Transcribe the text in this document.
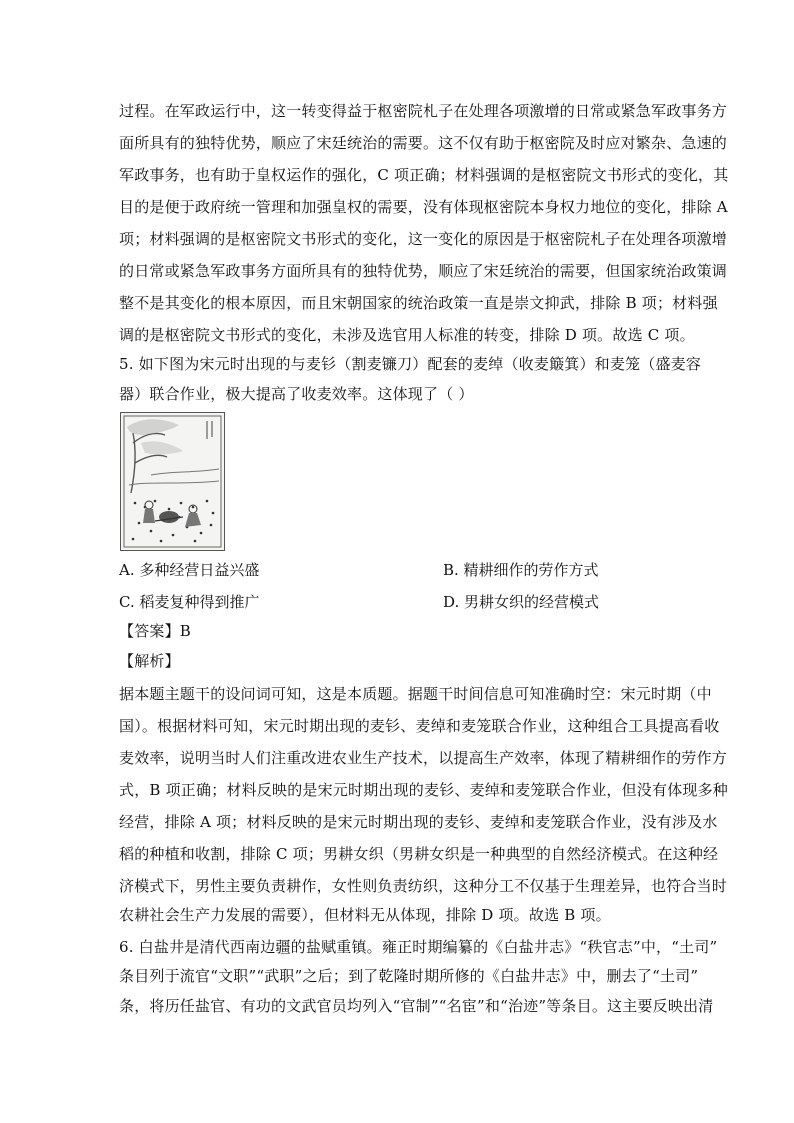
过程。在军政运行中，这一转变得益于枢密院札子在处理各项激增的日常或紧急军政事务方
面所具有的独特优势，顺应了宋廷统治的需要。这不仅有助于枢密院及时应对繁杂、急速的
军政事务，也有助于皇权运作的强化，C 项正确；材料强调的是枢密院文书形式的变化，其
目的是便于政府统一管理和加强皇权的需要，没有体现枢密院本身权力地位的变化，排除 A
项；材料强调的是枢密院文书形式的变化，这一变化的原因是于枢密院札子在处理各项激增
的日常或紧急军政事务方面所具有的独特优势，顺应了宋廷统治的需要，但国家统治政策调
整不是其变化的根本原因，而且宋朝国家的统治政策一直是崇文抑武，排除 B 项；材料强
调的是枢密院文书形式的变化，未涉及选官用人标准的转变，排除 D 项。故选 C 项。
5. 如下图为宋元时出现的与麦钐（割麦镰刀）配套的麦绰（收麦簸箕）和麦笼（盛麦容
器）联合作业，极大提高了收麦效率。这体现了（ ）
A. 多种经营日益兴盛	B. 精耕细作的劳作方式
C. 稻麦复种得到推广	D. 男耕女织的经营模式
【答案】B
【解析】
据本题主题干的设问词可知，这是本质题。据题干时间信息可知准确时空：宋元时期（中
国）。根据材料可知，宋元时期出现的麦钐、麦绰和麦笼联合作业，这种组合工具提高看收
麦效率，说明当时人们注重改进农业生产技术，以提高生产效率，体现了精耕细作的劳作方
式，B 项正确；材料反映的是宋元时期出现的麦钐、麦绰和麦笼联合作业，但没有体现多种
经营，排除 A 项；材料反映的是宋元时期出现的麦钐、麦绰和麦笼联合作业，没有涉及水
稻的种植和收割，排除 C 项；男耕女织（男耕女织是一种典型的自然经济模式。在这种经
济模式下，男性主要负责耕作，女性则负责纺织，这种分工不仅基于生理差异，也符合当时
农耕社会生产力发展的需要），但材料无从体现，排除 D 项。故选 B 项。
6. 白盐井是清代西南边疆的盐赋重镇。雍正时期编纂的《白盐井志》“秩官志”中，“土司”
条目列于流官“文职”“武职”之后；到了乾隆时期所修的《白盐井志》中，删去了“土司”
条，将历任盐官、有功的文武官员均列入“官制”“名宦”和“治迹”等条目。这主要反映出清
